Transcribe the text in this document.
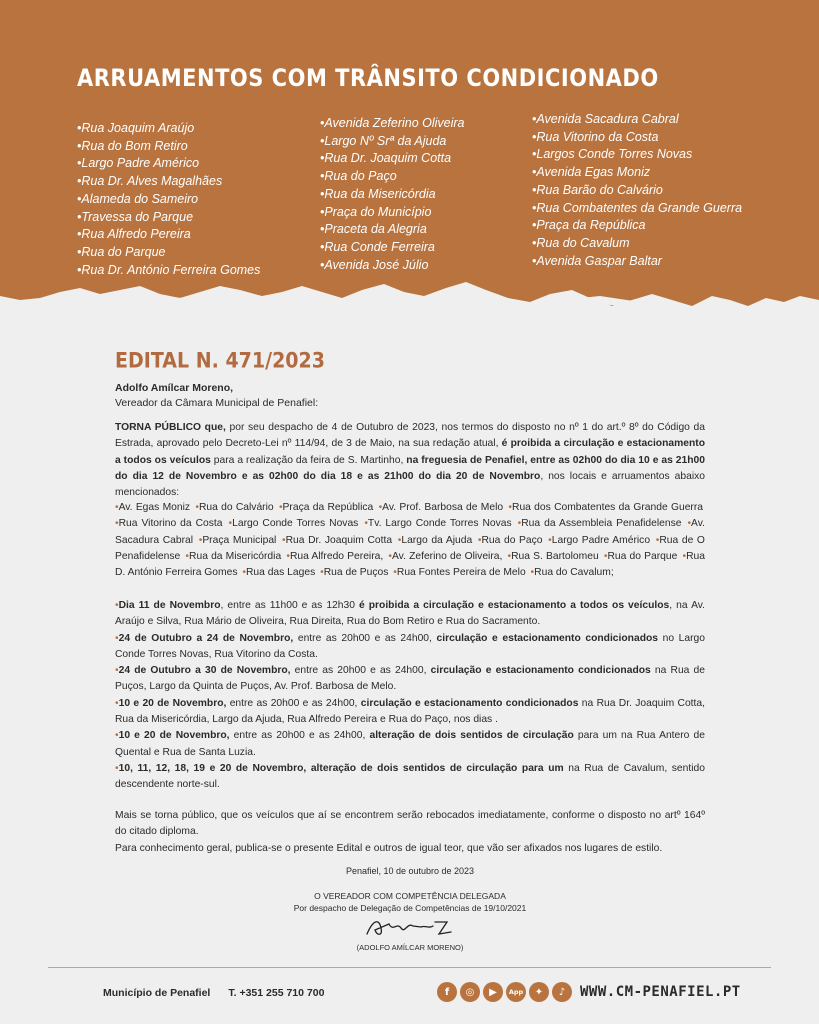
ARRUAMENTOS COM TRÂNSITO CONDICIONADO
• Rua Joaquim Araújo
• Rua do Bom Retiro
• Largo Padre Américo
• Rua Dr. Alves Magalhães
• Alameda do Sameiro
• Travessa do Parque
• Rua Alfredo Pereira
• Rua do Parque
• Rua Dr. António Ferreira Gomes
• Avenida Zeferino Oliveira
• Largo Nº Srª da Ajuda
• Rua Dr. Joaquim Cotta
• Rua do Paço
• Rua da Misericórdia
• Praça do Município
• Praceta da Alegria
• Rua Conde Ferreira
• Avenida José Júlio
• Avenida Sacadura Cabral
• Rua Vitorino da Costa
• Largos Conde Torres Novas
• Avenida Egas Moniz
• Rua Barão do Calvário
• Rua Combatentes da Grande Guerra
• Praça da República
• Rua do Cavalum
• Avenida Gaspar Baltar
EDITAL N. 471/2023
Adolfo Amílcar Moreno,
Vereador da Câmara Municipal de Penafiel:

TORNA PÚBLICO que, por seu despacho de 4 de Outubro de 2023, nos termos do disposto no nº 1 do art.º 8º do Código da Estrada, aprovado pelo Decreto-Lei nº 114/94, de 3 de Maio, na sua redação atual, é proibida a circulação e estacionamento a todos os veículos para a realização da feira de S. Martinho, na freguesia de Penafiel, entre as 02h00 do dia 10 e as 21h00 do dia 12 de Novembro e as 02h00 do dia 18 e as 21h00 do dia 20 de Novembro, nos locais e arruamentos abaixo mencionados:

• Av. Egas Moniz • Rua do Calvário • Praça da República • Av. Prof. Barbosa de Melo • Rua dos Combatentes da Grande Guerra • Rua Vitorino da Costa • Largo Conde Torres Novas • Tv. Largo Conde Torres Novas • Rua da Assembleia Penafidelense • Av. Sacadura Cabral • Praça Municipal • Rua Dr. Joaquim Cotta • Largo da Ajuda • Rua do Paço • Largo Padre Américo • Rua de O Penafidelense • Rua da Misericórdia • Rua Alfredo Pereira, • Av. Zeferino de Oliveira, • Rua S. Bartolomeu • Rua do Parque • Rua D. António Ferreira Gomes • Rua das Lages • Rua de Puços • Rua Fontes Pereira de Melo • Rua do Cavalum;

• Dia 11 de Novembro, entre as 11h00 e as 12h30 é proibida a circulação e estacionamento a todos os veículos, na Av. Araújo e Silva, Rua Mário de Oliveira, Rua Direita, Rua do Bom Retiro e Rua do Sacramento.
• 24 de Outubro a 24 de Novembro, entre as 20h00 e as 24h00, circulação e estacionamento condicionados no Largo Conde Torres Novas, Rua Vitorino da Costa.
• 24 de Outubro a 30 de Novembro, entre as 20h00 e as 24h00, circulação e estacionamento condicionados na Rua de Puços, Largo da Quinta de Puços, Av. Prof. Barbosa de Melo.
• 10 e 20 de Novembro, entre as 20h00 e as 24h00, circulação e estacionamento condicionados na Rua Dr. Joaquim Cotta, Rua da Misericórdia, Largo da Ajuda, Rua Alfredo Pereira e Rua do Paço, nos dias .
• 10 e 20 de Novembro, entre as 20h00 e as 24h00, alteração de dois sentidos de circulação para um na Rua Antero de Quental e Rua de Santa Luzia.
• 10, 11, 12, 18, 19 e 20 de Novembro, alteração de dois sentidos de circulação para um na Rua de Cavalum, sentido descendente norte-sul.
Mais se torna público, que os veículos que aí se encontrem serão rebocados imediatamente, conforme o disposto no artº 164º do citado diploma.
Para conhecimento geral, publica-se o presente Edital e outros de igual teor, que vão ser afixados nos lugares de estilo.
Penafiel, 10 de outubro de 2023
O VEREADOR COM COMPETÊNCIA DELEGADA
Por despacho de Delegação de Competências de 19/10/2021
(ADOLFO AMÍLCAR MORENO)
Município de Penafiel T. +351 255 710 700	f	◎	▶	App	✦	♪	WWW.CM-PENAFIEL.PT
